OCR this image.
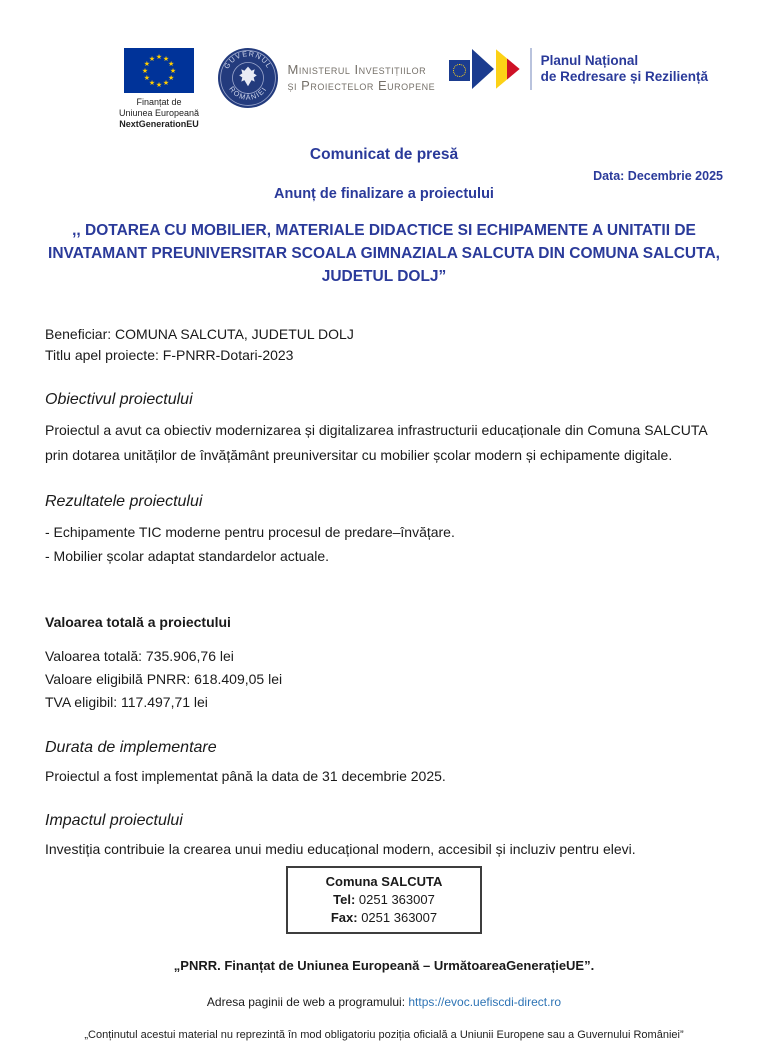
★ ★
★
★
★
★
★
★
★
★
★
★
Finanțat de
Uniunea Europeană
NextGenerationEU
GUVERNUL
ROMÂNIEI
Ministerul Investițiilor
și Proiectelor Europene
Planul Național
de Redresare și Reziliență
Comunicat de presă
Data: Decembrie 2025
Anunț de finalizare a proiectului
,, DOTAREA CU MOBILIER, MATERIALE DIDACTICE SI ECHIPAMENTE A UNITATII DE INVATAMANT PREUNIVERSITAR SCOALA GIMNAZIALA SALCUTA DIN COMUNA SALCUTA, JUDETUL DOLJ”
Beneficiar: COMUNA SALCUTA, JUDETUL DOLJ
Titlu apel proiecte: F-PNRR-Dotari-2023
Obiectivul proiectului
Proiectul a avut ca obiectiv modernizarea și digitalizarea infrastructurii educaționale din Comuna SALCUTA prin dotarea unităților de învățământ preuniversitar cu mobilier școlar modern și echipamente digitale.
Rezultatele proiectului
- Echipamente TIC moderne pentru procesul de predare–învățare.
- Mobilier școlar adaptat standardelor actuale.
Valoarea totală a proiectului
Valoarea totală: 735.906,76 lei
Valoare eligibilă PNRR: 618.409,05 lei
TVA eligibil: 117.497,71 lei
Durata de implementare
Proiectul a fost implementat până la data de 31 decembrie 2025.
Impactul proiectului
Investiția contribuie la crearea unui mediu educațional modern, accesibil și incluziv pentru elevi.
Comuna SALCUTA
Tel: 0251 363007
Fax: 0251 363007
„PNRR. Finanțat de Uniunea Europeană – UrmătoareaGenerațieUE”.
Adresa paginii de web a programului: https://evoc.uefiscdi-direct.ro
„Conținutul acestui material nu reprezintă în mod obligatoriu poziția oficială a Uniunii Europene sau a Guvernului României”
